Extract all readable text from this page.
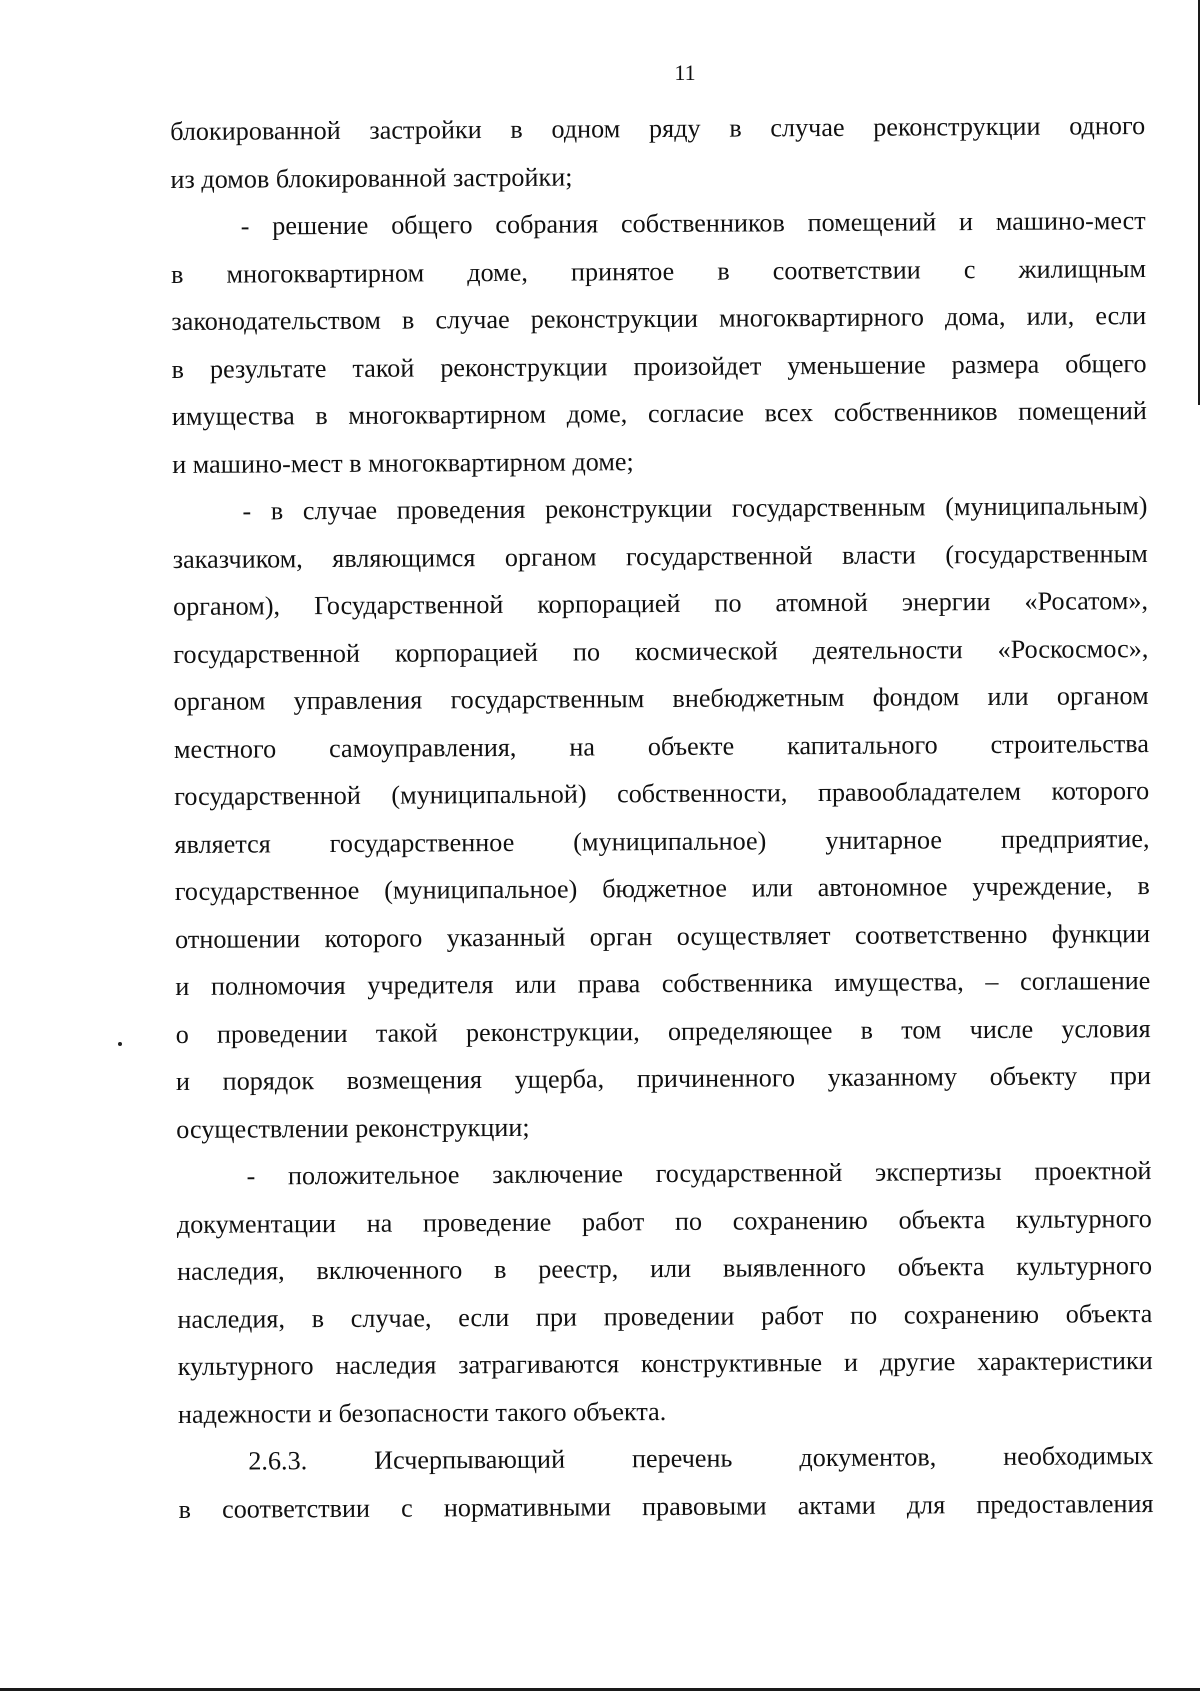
11

блокированной застройки в одном ряду в случае реконструкции одного
из домов блокированной застройки;

- решение общего собрания собственников помещений и машино-мест
в многоквартирном доме, принятое в соответствии с жилищным
законодательством в случае реконструкции многоквартирного дома, или, если
в результате такой реконструкции произойдет уменьшение размера общего
имущества в многоквартирном доме, согласие всех собственников помещений
и машино-мест в многоквартирном доме;

- в случае проведения реконструкции государственным (муниципальным)
заказчиком, являющимся органом государственной власти (государственным
органом), Государственной корпорацией по атомной энергии «Росатом»,
государственной корпорацией по космической деятельности «Роскосмос»,
органом управления государственным внебюджетным фондом или органом
местного самоуправления, на объекте капитального строительства
государственной (муниципальной) собственности, правообладателем которого
является государственное (муниципальное) унитарное предприятие,
государственное (муниципальное) бюджетное или автономное учреждение, в
отношении которого указанный орган осуществляет соответственно функции
и полномочия учредителя или права собственника имущества, – соглашение
о проведении такой реконструкции, определяющее в том числе условия
и порядок возмещения ущерба, причиненного указанному объекту при
осуществлении реконструкции;

- положительное заключение государственной экспертизы проектной
документации на проведение работ по сохранению объекта культурного
наследия, включенного в реестр, или выявленного объекта культурного
наследия, в случае, если при проведении работ по сохранению объекта
культурного наследия затрагиваются конструктивные и другие характеристики
надежности и безопасности такого объекта.

2.6.3. Исчерпывающий перечень документов, необходимых
в соответствии с нормативными правовыми актами для предоставления
